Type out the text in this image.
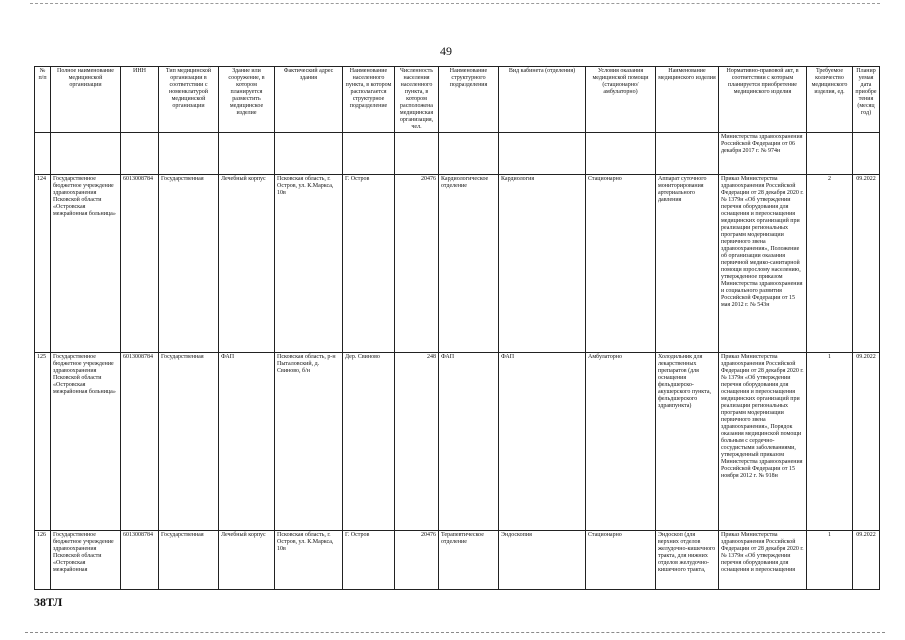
49
№ п/п	Полное наименование медицинской организации	ИНН	Тип медицинской организации в соответствии с номенклатурой медицинской организации	Здание или сооружение, в котором планируется разместить медицинское изделие	Фактический адрес здания	Наименование населенного пункта, в котором располагается структурное подразделение	Численность населения населенного пункта, в котором расположена медицинская организация, чел.	Наименование структурного подразделения	Вид кабинета (отделения)	Условия оказания медицинской помощи (стационарно/ амбулаторно)	Наименование медицинского изделия	Нормативно-правовой акт, в соответствии с которым планируется приобретение медицинского изделия	Требуемое количество медицинского изделия, ед.	Планируемая дата приобретения (месяц год)
												Министерства здравоохранения Российской Федерации от 06 декабря 2017 г. № 974н		
124	Государственное бюджетное учреждение здравоохранения Псковской области «Островская межрайонная больница»	6013008784	Государственная	Лечебный корпус	Псковская область, г. Остров, ул. К.Маркса, 10в	Г. Остров	20476	Кардиологическое отделение	Кардиология	Стационарно	Аппарат суточного мониторирования артериального давления	Приказ Министерства здравоохранения Российской Федерации от 28 декабря 2020 г. № 1379н «Об утверждении перечня оборудования для оснащения и переоснащения медицинских организаций при реализации региональных программ модернизации первичного звена здравоохранения», Положение об организации оказания первичной медико-санитарной помощи взрослому населению, утвержденное приказом Министерства здравоохранения и социального развития Российской Федерации от 15 мая 2012 г. № 543н	2	09.2022
125	Государственное бюджетное учреждение здравоохранения Псковской области «Островская межрайонная больница»	6013008784	Государственная	ФАП	Псковская область, р-н Пыталовский, д. Свиново, б/н	Дер. Свиново	248	ФАП	ФАП	Амбулаторно	Холодильник для лекарственных препаратов (для оснащения фельдшерско-акушерского пункта, фельдшерского здравпункта)	Приказ Министерства здравоохранения Российской Федерации от 28 декабря 2020 г. № 1379н «Об утверждении перечня оборудования для оснащения и переоснащения медицинских организаций при реализации региональных программ модернизации первичного звена здравоохранения», Порядок оказания медицинской помощи больным с сердечно-сосудистыми заболеваниями, утвержденный приказом Министерства здравоохранения Российской Федерации от 15 ноября 2012 г. № 918н	1	09.2022
126	Государственное бюджетное учреждение здравоохранения Псковской области «Островская межрайонная	6013008784	Государственная	Лечебный корпус	Псковская область, г. Остров, ул. К.Маркса, 10в	Г. Остров	20476	Терапевтическое отделение	Эндоскопия	Стационарно	Эндоскоп (для верхних отделов желудочно-кишечного тракта, для нижних отделов желудочно-кишечного тракта,	Приказ Министерства здравоохранения Российской Федерации от 28 декабря 2020 г. № 1379н «Об утверждении перечня оборудования для оснащения и переоснащения	1	09.2022
38ТЛ
